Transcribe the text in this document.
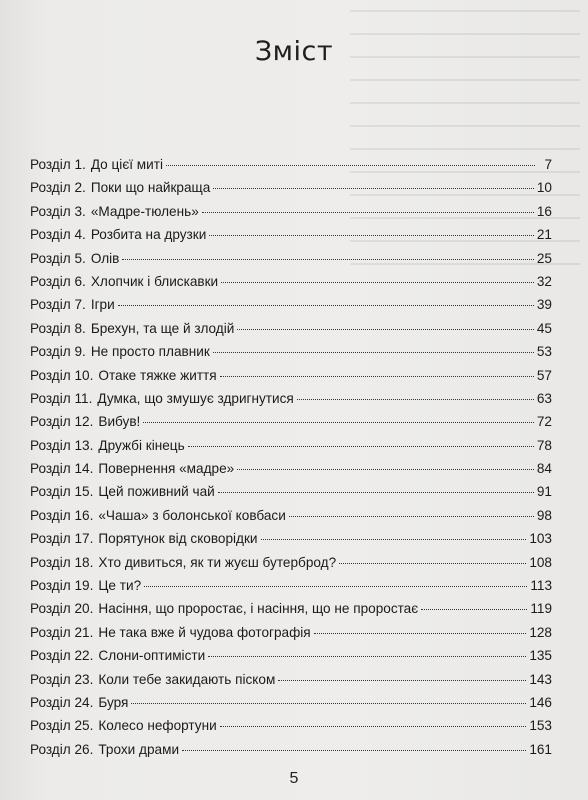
Зміст
Розділ 1. До цієї миті	7
Розділ 2. Поки що найкраща	10
Розділ 3. «Мадре-тюлень»	16
Розділ 4. Розбита на друзки	21
Розділ 5. Олів	25
Розділ 6. Хлопчик і блискавки	32
Розділ 7. Ігри	39
Розділ 8. Брехун, та ще й злодій	45
Розділ 9. Не просто плавник	53
Розділ 10. Отаке тяжке життя	57
Розділ 11. Думка, що змушує здригнутися	63
Розділ 12. Вибув!	72
Розділ 13. Дружбі кінець	78
Розділ 14. Повернення «мадре»	84
Розділ 15. Цей поживний чай	91
Розділ 16. «Чаша» з болонської ковбаси	98
Розділ 17. Порятунок від сковорідки	103
Розділ 18. Хто дивиться, як ти жуєш бутерброд?	108
Розділ 19. Це ти?	113
Розділ 20. Насіння, що проростає, і насіння, що не проростає	119
Розділ 21. Не така вже й чудова фотографія	128
Розділ 22. Слони-оптимісти	135
Розділ 23. Коли тебе закидають піском	143
Розділ 24. Буря	146
Розділ 25. Колесо нефортуни	153
Розділ 26. Трохи драми	161
5
